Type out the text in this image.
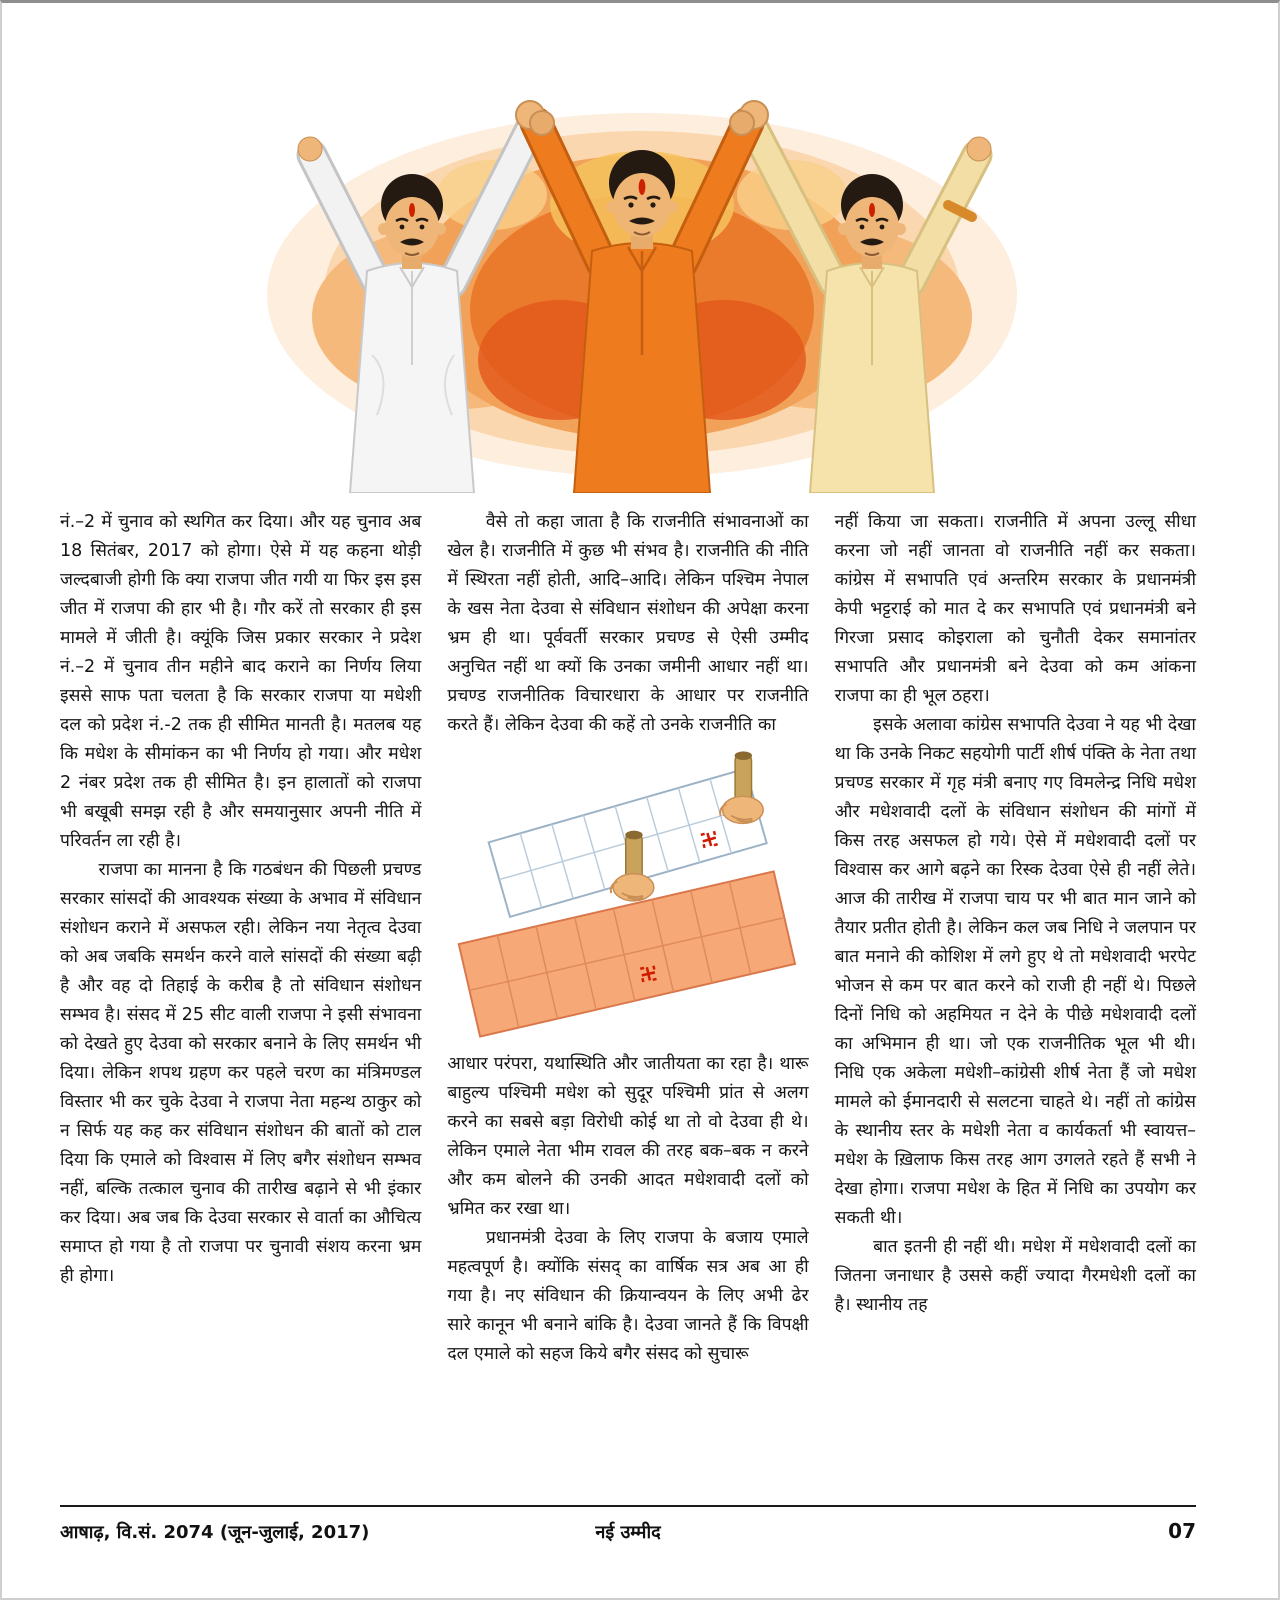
नं.–2 में चुनाव को स्थगित कर दिया। और यह चुनाव अब 18 सितंबर, 2017 को होगा। ऐसे में यह कहना थोड़ी जल्दबाजी होगी कि क्या राजपा जीत गयी या फिर इस इस जीत में राजपा की हार भी है। गौर करें तो सरकार ही इस मामले में जीती है। क्यूंकि जिस प्रकार सरकार ने प्रदेश नं.–2 में चुनाव तीन महीने बाद कराने का निर्णय लिया इससे साफ पता चलता है कि सरकार राजपा या मधेशी दल को प्रदेश नं.-2 तक ही सीमित मानती है। मतलब यह कि मधेश के सीमांकन का भी निर्णय हो गया। और मधेश 2 नंबर प्रदेश तक ही सीमित है। इन हालातों को राजपा भी बखूबी समझ रही है और समयानुसार अपनी नीति में परिवर्तन ला रही है।

राजपा का मानना है कि गठबंधन की पिछली प्रचण्ड सरकार सांसदों की आवश्यक संख्या के अभाव में संविधान संशोधन कराने में असफल रही। लेकिन नया नेतृत्व देउवा को अब जबकि समर्थन करने वाले सांसदों की संख्या बढ़ी है और वह दो तिहाई के करीब है तो संविधान संशोधन सम्भव है। संसद में 25 सीट वाली राजपा ने इसी संभावना को देखते हुए देउवा को सरकार बनाने के लिए समर्थन भी दिया। लेकिन शपथ ग्रहण कर पहले चरण का मंत्रिमण्डल विस्तार भी कर चुके देउवा ने राजपा नेता महन्थ ठाकुर को न सिर्फ यह कह कर संविधान संशोधन की बातों को टाल दिया कि एमाले को विश्वास में लिए बगैर संशोधन सम्भव नहीं, बल्कि तत्काल चुनाव की तारीख बढ़ाने से भी इंकार कर दिया। अब जब कि देउवा सरकार से वार्ता का औचित्य समाप्त हो गया है तो राजपा पर चुनावी संशय करना भ्रम ही होगा।

वैसे तो कहा जाता है कि राजनीति संभावनाओं का खेल है। राजनीति में कुछ भी संभव है। राजनीति की नीति में स्थिरता नहीं होती, आदि–आदि। लेकिन पश्चिम नेपाल के खस नेता देउवा से संविधान संशोधन की अपेक्षा करना भ्रम ही था। पूर्ववर्ती सरकार प्रचण्ड से ऐसी उम्मीद अनुचित नहीं था क्यों कि उनका जमीनी आधार नहीं था। प्रचण्ड राजनीतिक विचारधारा के आधार पर राजनीति करते हैं। लेकिन देउवा की कहें तो उनके राजनीति का

आधार परंपरा, यथास्थिति और जातीयता का रहा है। थारू बाहुल्य पश्चिमी मधेश को सुदूर पश्चिमी प्रांत से अलग करने का सबसे बड़ा विरोधी कोई था तो वो देउवा ही थे। लेकिन एमाले नेता भीम रावल की तरह बक–बक न करने और कम बोलने की उनकी आदत मधेशवादी दलों को भ्रमित कर रखा था।

प्रधानमंत्री देउवा के लिए राजपा के बजाय एमाले महत्वपूर्ण है। क्योंकि संसद् का वार्षिक सत्र अब आ ही गया है। नए संविधान की क्रियान्वयन के लिए अभी ढेर सारे कानून भी बनाने बांकि है। देउवा जानते हैं कि विपक्षी दल एमाले को सहज किये बगैर संसद को सुचारू

नहीं किया जा सकता। राजनीति में अपना उल्लू सीधा करना जो नहीं जानता वो राजनीति नहीं कर सकता। कांग्रेस में सभापति एवं अन्तरिम सरकार के प्रधानमंत्री केपी भट्टराई को मात दे कर सभापति एवं प्रधानमंत्री बने गिरजा प्रसाद कोइराला को चुनौती देकर समानांतर सभापति और प्रधानमंत्री बने देउवा को कम आंकना राजपा का ही भूल ठहरा।

इसके अलावा कांग्रेस सभापति देउवा ने यह भी देखा था कि उनके निकट सहयोगी पार्टी शीर्ष पंक्ति के नेता तथा प्रचण्ड सरकार में गृह मंत्री बनाए गए विमलेन्द्र निधि मधेश और मधेशवादी दलों के संविधान संशोधन की मांगों में किस तरह असफल हो गये। ऐसे में मधेशवादी दलों पर विश्वास कर आगे बढ़ने का रिस्क देउवा ऐसे ही नहीं लेते। आज की तारीख में राजपा चाय पर भी बात मान जाने को तैयार प्रतीत होती है। लेकिन कल जब निधि ने जलपान पर बात मनाने की कोशिश में लगे हुए थे तो मधेशवादी भरपेट भोजन से कम पर बात करने को राजी ही नहीं थे। पिछले दिनों निधि को अहमियत न देने के पीछे मधेशवादी दलों का अभिमान ही था। जो एक राजनीतिक भूल भी थी। निधि एक अकेला मधेशी–कांग्रेसी शीर्ष नेता हैं जो मधेश मामले को ईमानदारी से सलटना चाहते थे। नहीं तो कांग्रेस के स्थानीय स्तर के मधेशी नेता व कार्यकर्ता भी स्वायत्त–मधेश के ख़िलाफ किस तरह आग उगलते रहते हैं सभी ने देखा होगा। राजपा मधेश के हित में निधि का उपयोग कर सकती थी।

बात इतनी ही नहीं थी। मधेश में मधेशवादी दलों का जितना जनाधार है उससे कहीं ज्यादा गैरमधेशी दलों का है। स्थानीय तह

आषाढ़, वि.सं. 2074 (जून-जुलाई, 2017)	नई उम्मीद	07
